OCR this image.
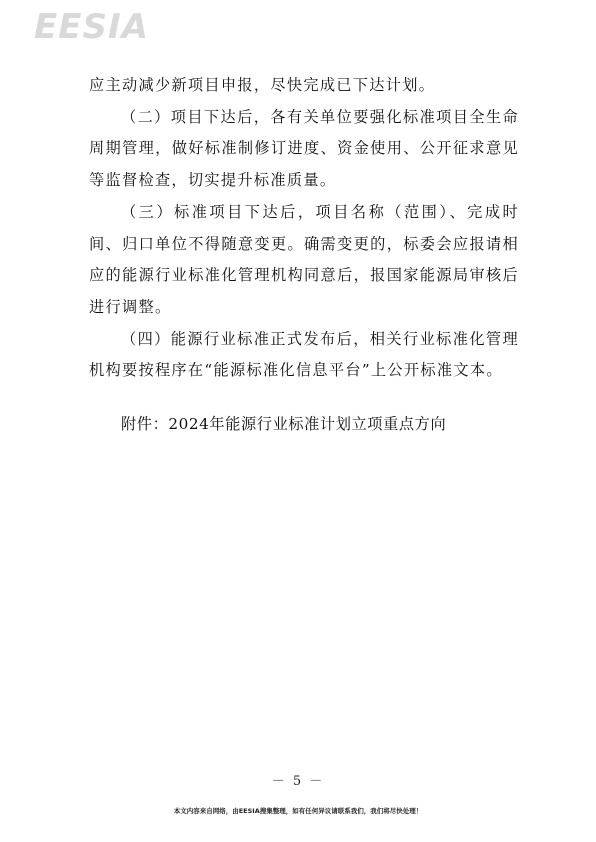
EESIA

应主动减少新项目申报，尽快完成已下达计划。

（二）项目下达后，各有关单位要强化标准项目全生命周期管理，做好标准制修订进度、资金使用、公开征求意见等监督检查，切实提升标准质量。

（三）标准项目下达后，项目名称（范围）、完成时间、归口单位不得随意变更。确需变更的，标委会应报请相应的能源行业标准化管理机构同意后，报国家能源局审核后进行调整。

（四）能源行业标准正式发布后，相关行业标准化管理机构要按程序在“能源标准化信息平台”上公开标准文本。

附件：2024年能源行业标准计划立项重点方向

－ 5 －
本文内容来自网络，由EESIA搜集整理，如有任何异议请联系我们，我们将尽快处理！
